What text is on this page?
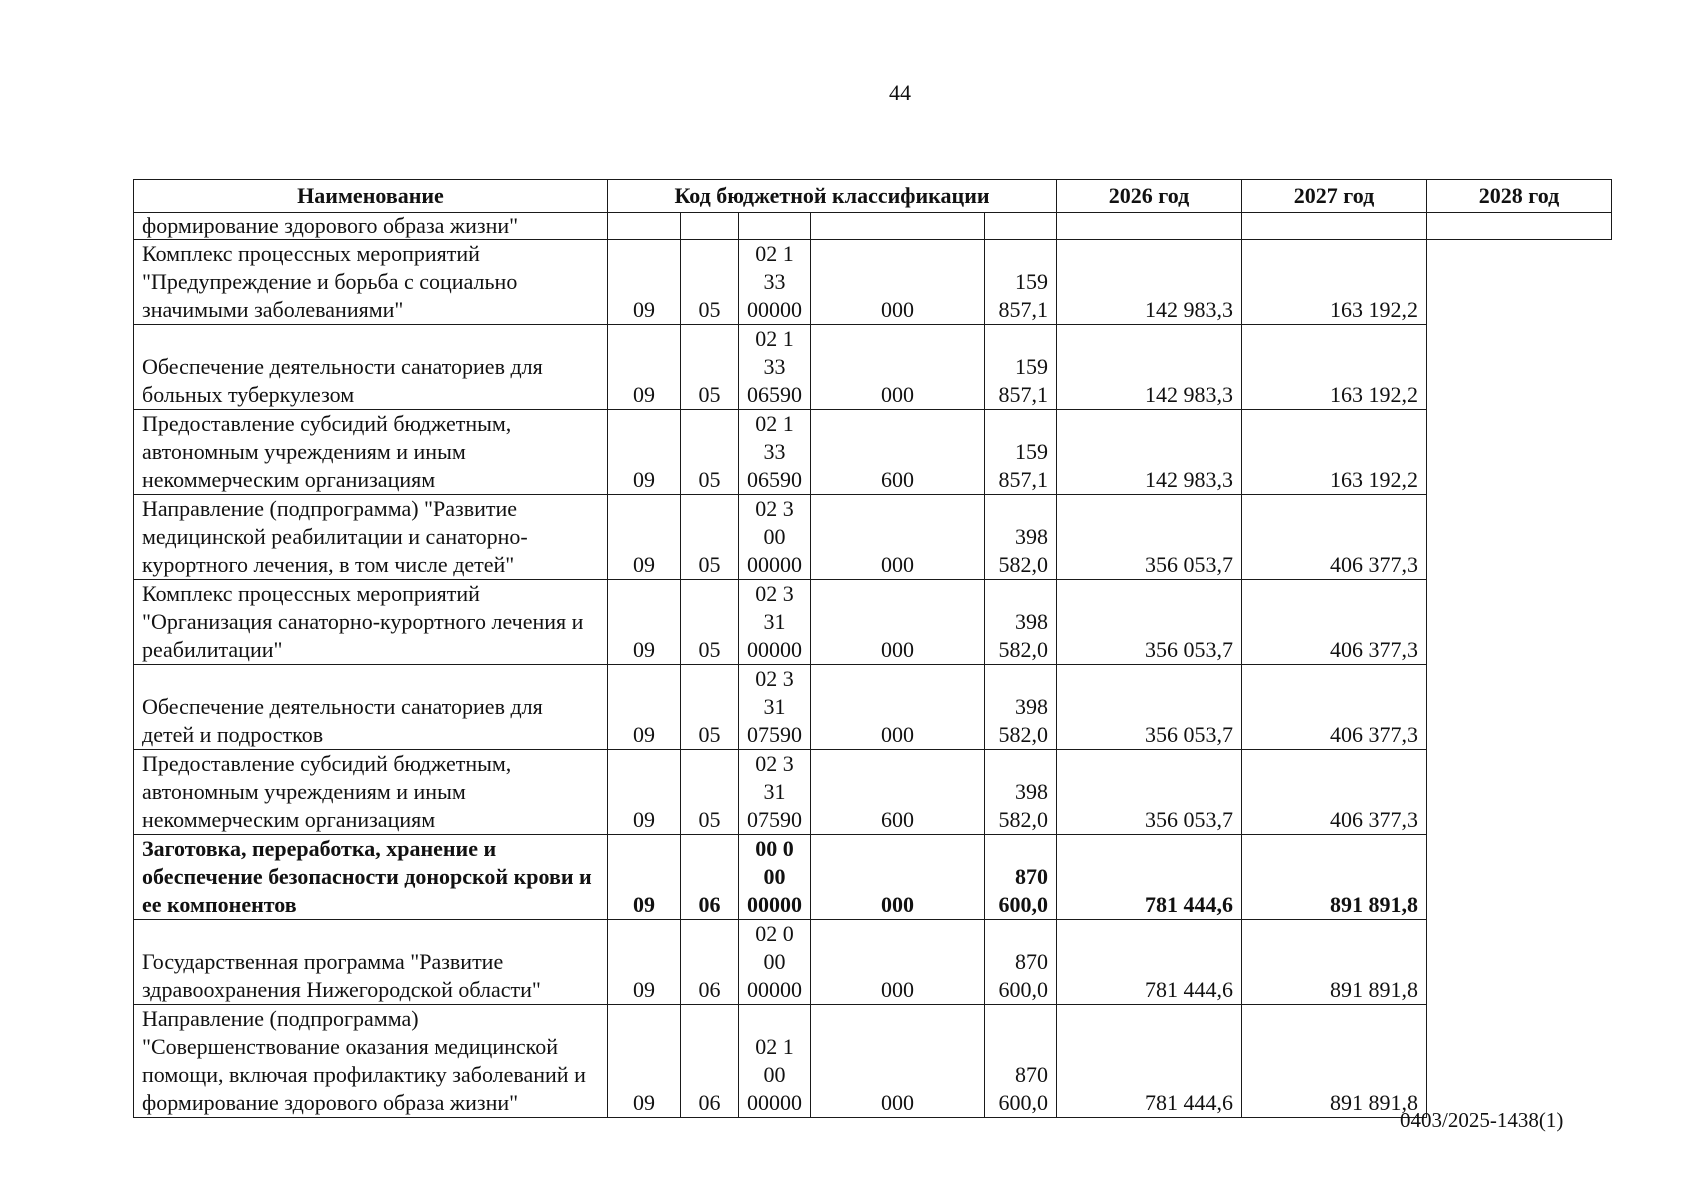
44
Наименование	Код бюджетной классификации					2026 год	2027 год	2028 год
формирование здорового образа жизни"								
Комплекс процессных мероприятий "Предупреждение и борьба с социально значимыми заболеваниями"	09	05	02 1 33 00000	000	159 857,1	142 983,3	163 192,2	
Обеспечение деятельности санаториев для больных туберкулезом	09	05	02 1 33 06590	000	159 857,1	142 983,3	163 192,2	
Предоставление субсидий бюджетным, автономным учреждениям и иным некоммерческим организациям	09	05	02 1 33 06590	600	159 857,1	142 983,3	163 192,2	
Направление (подпрограмма) "Развитие медицинской реабилитации и санаторно-курортного лечения, в том числе детей"	09	05	02 3 00 00000	000	398 582,0	356 053,7	406 377,3	
Комплекс процессных мероприятий "Организация санаторно-курортного лечения и реабилитации"	09	05	02 3 31 00000	000	398 582,0	356 053,7	406 377,3	
Обеспечение деятельности санаториев для детей и подростков	09	05	02 3 31 07590	000	398 582,0	356 053,7	406 377,3	
Предоставление субсидий бюджетным, автономным учреждениям и иным некоммерческим организациям	09	05	02 3 31 07590	600	398 582,0	356 053,7	406 377,3	
Заготовка, переработка, хранение и обеспечение безопасности донорской крови и ее компонентов	09	06	00 0 00 00000	000	870 600,0	781 444,6	891 891,8	
Государственная программа "Развитие здравоохранения Нижегородской области"	09	06	02 0 00 00000	000	870 600,0	781 444,6	891 891,8	
Направление (подпрограмма) "Совершенствование оказания медицинской помощи, включая профилактику заболеваний и формирование здорового образа жизни"	09	06	02 1 00 00000	000	870 600,0	781 444,6	891 891,8	
0403/2025-1438(1)
